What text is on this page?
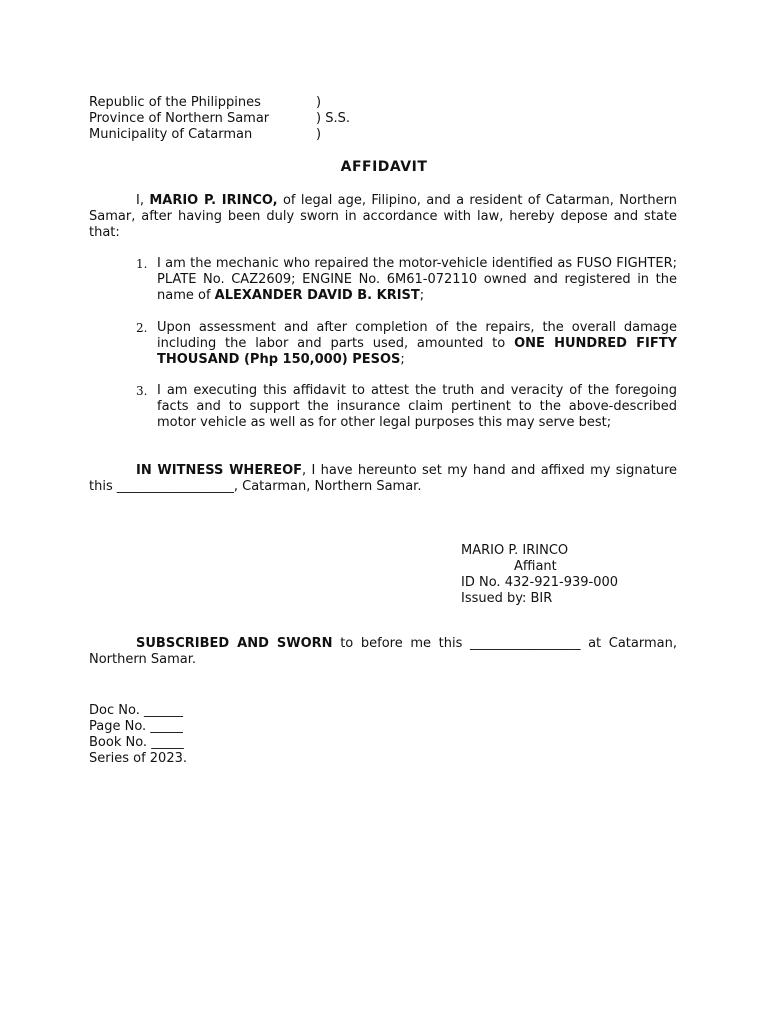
Republic of the Philippines	)
Province of Northern Samar	) S.S.
Municipality of Catarman	)
AFFIDAVIT
I, MARIO P. IRINCO, of legal age, Filipino, and a resident of Catarman, Northern Samar, after having been duly sworn in accordance with law, hereby depose and state that:
1. I am the mechanic who repaired the motor-vehicle identified as FUSO FIGHTER; PLATE No. CAZ2609; ENGINE No. 6M61-072110 owned and registered in the name of ALEXANDER DAVID B. KRIST;
2. Upon assessment and after completion of the repairs, the overall damage including the labor and parts used, amounted to ONE HUNDRED FIFTY THOUSAND (Php 150,000) PESOS;
3. I am executing this affidavit to attest the truth and veracity of the foregoing facts and to support the insurance claim pertinent to the above-described motor vehicle as well as for other legal purposes this may serve best;
IN WITNESS WHEREOF, I have hereunto set my hand and affixed my signature this __________________, Catarman, Northern Samar.
MARIO P. IRINCO
Affiant
ID No. 432-921-939-000
Issued by: BIR
SUBSCRIBED AND SWORN to before me this _________________ at Catarman, Northern Samar.
Doc No. ______
Page No. _____
Book No. _____
Series of 2023.
